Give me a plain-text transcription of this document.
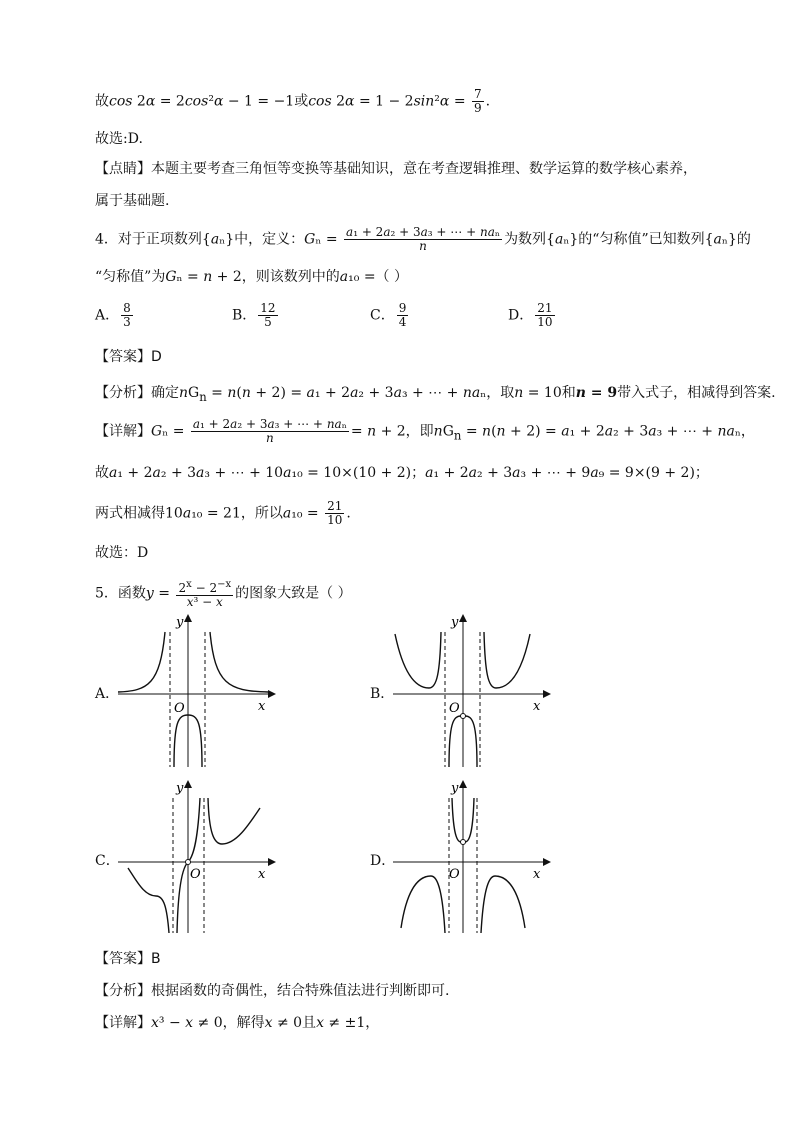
故cos 2α = 2cos²α − 1 = −1或$\cos 2\alpha = 1 - 2\sin^2\alpha = \frac{7}{9}$ .
故选:D.
【点睛】本题主要考查三角恒等变换等基础知识，意在考查逻辑推理、数学运算的数学核心素养，
属于基础题.
4．对于正项数列{aₙ}中，定义：$G_n = \frac{\text{a₁ + 2a₂ + 3a₃ + ⋯ + naₙ}}{n}$ 为数列{aₙ}的“匀称值”已知数列{aₙ}的
“匀称值”为Gₙ = n + 2，则该数列中的a₁₀ =（ ）
A． $\frac{8}{3}$	B． $\frac{12}{5}$	C． $\frac{9}{4}$	D． $\frac{21}{10}$
【答案】D
【分析】确定$nG_n = n(n + 2) = a_1 + 2a_2 + 3a_3$ + ⋯ + naₙ，取n = 10和n = 9带入式子，相减得到答案.
【详解】$G_n = \frac{\text{a₁ + 2a₂ + 3a₃ + ⋯ + naₙ}}{n} = n + 2$，即$nG_n = n(n + 2) = a_1 + 2a_2 + 3a_3$ + ⋯ + naₙ，
故a₁ + 2a₂ + 3a₃ + ⋯ + 10a₁₀ = 10×(10 + 2)；a₁ + 2a₂ + 3a₃ + ⋯ + 9a₉ = 9×(9 + 2)；
两式相减得10a₁₀ = 21，所以$a_{10} = \frac{21}{10}$ .
故选：D
5．函数$y = \frac{2^x - 2^{-x}}{\text{x³ − x}}$ 的图象大致是（ ）
A．	B．
C．	D．
x
y
O	x
y
O
x
y
O	x
y
O
【答案】B
【分析】根据函数的奇偶性，结合特殊值法进行判断即可.
【详解】x³ − x ≠ 0，解得x ≠ 0且x ≠ ±1，
